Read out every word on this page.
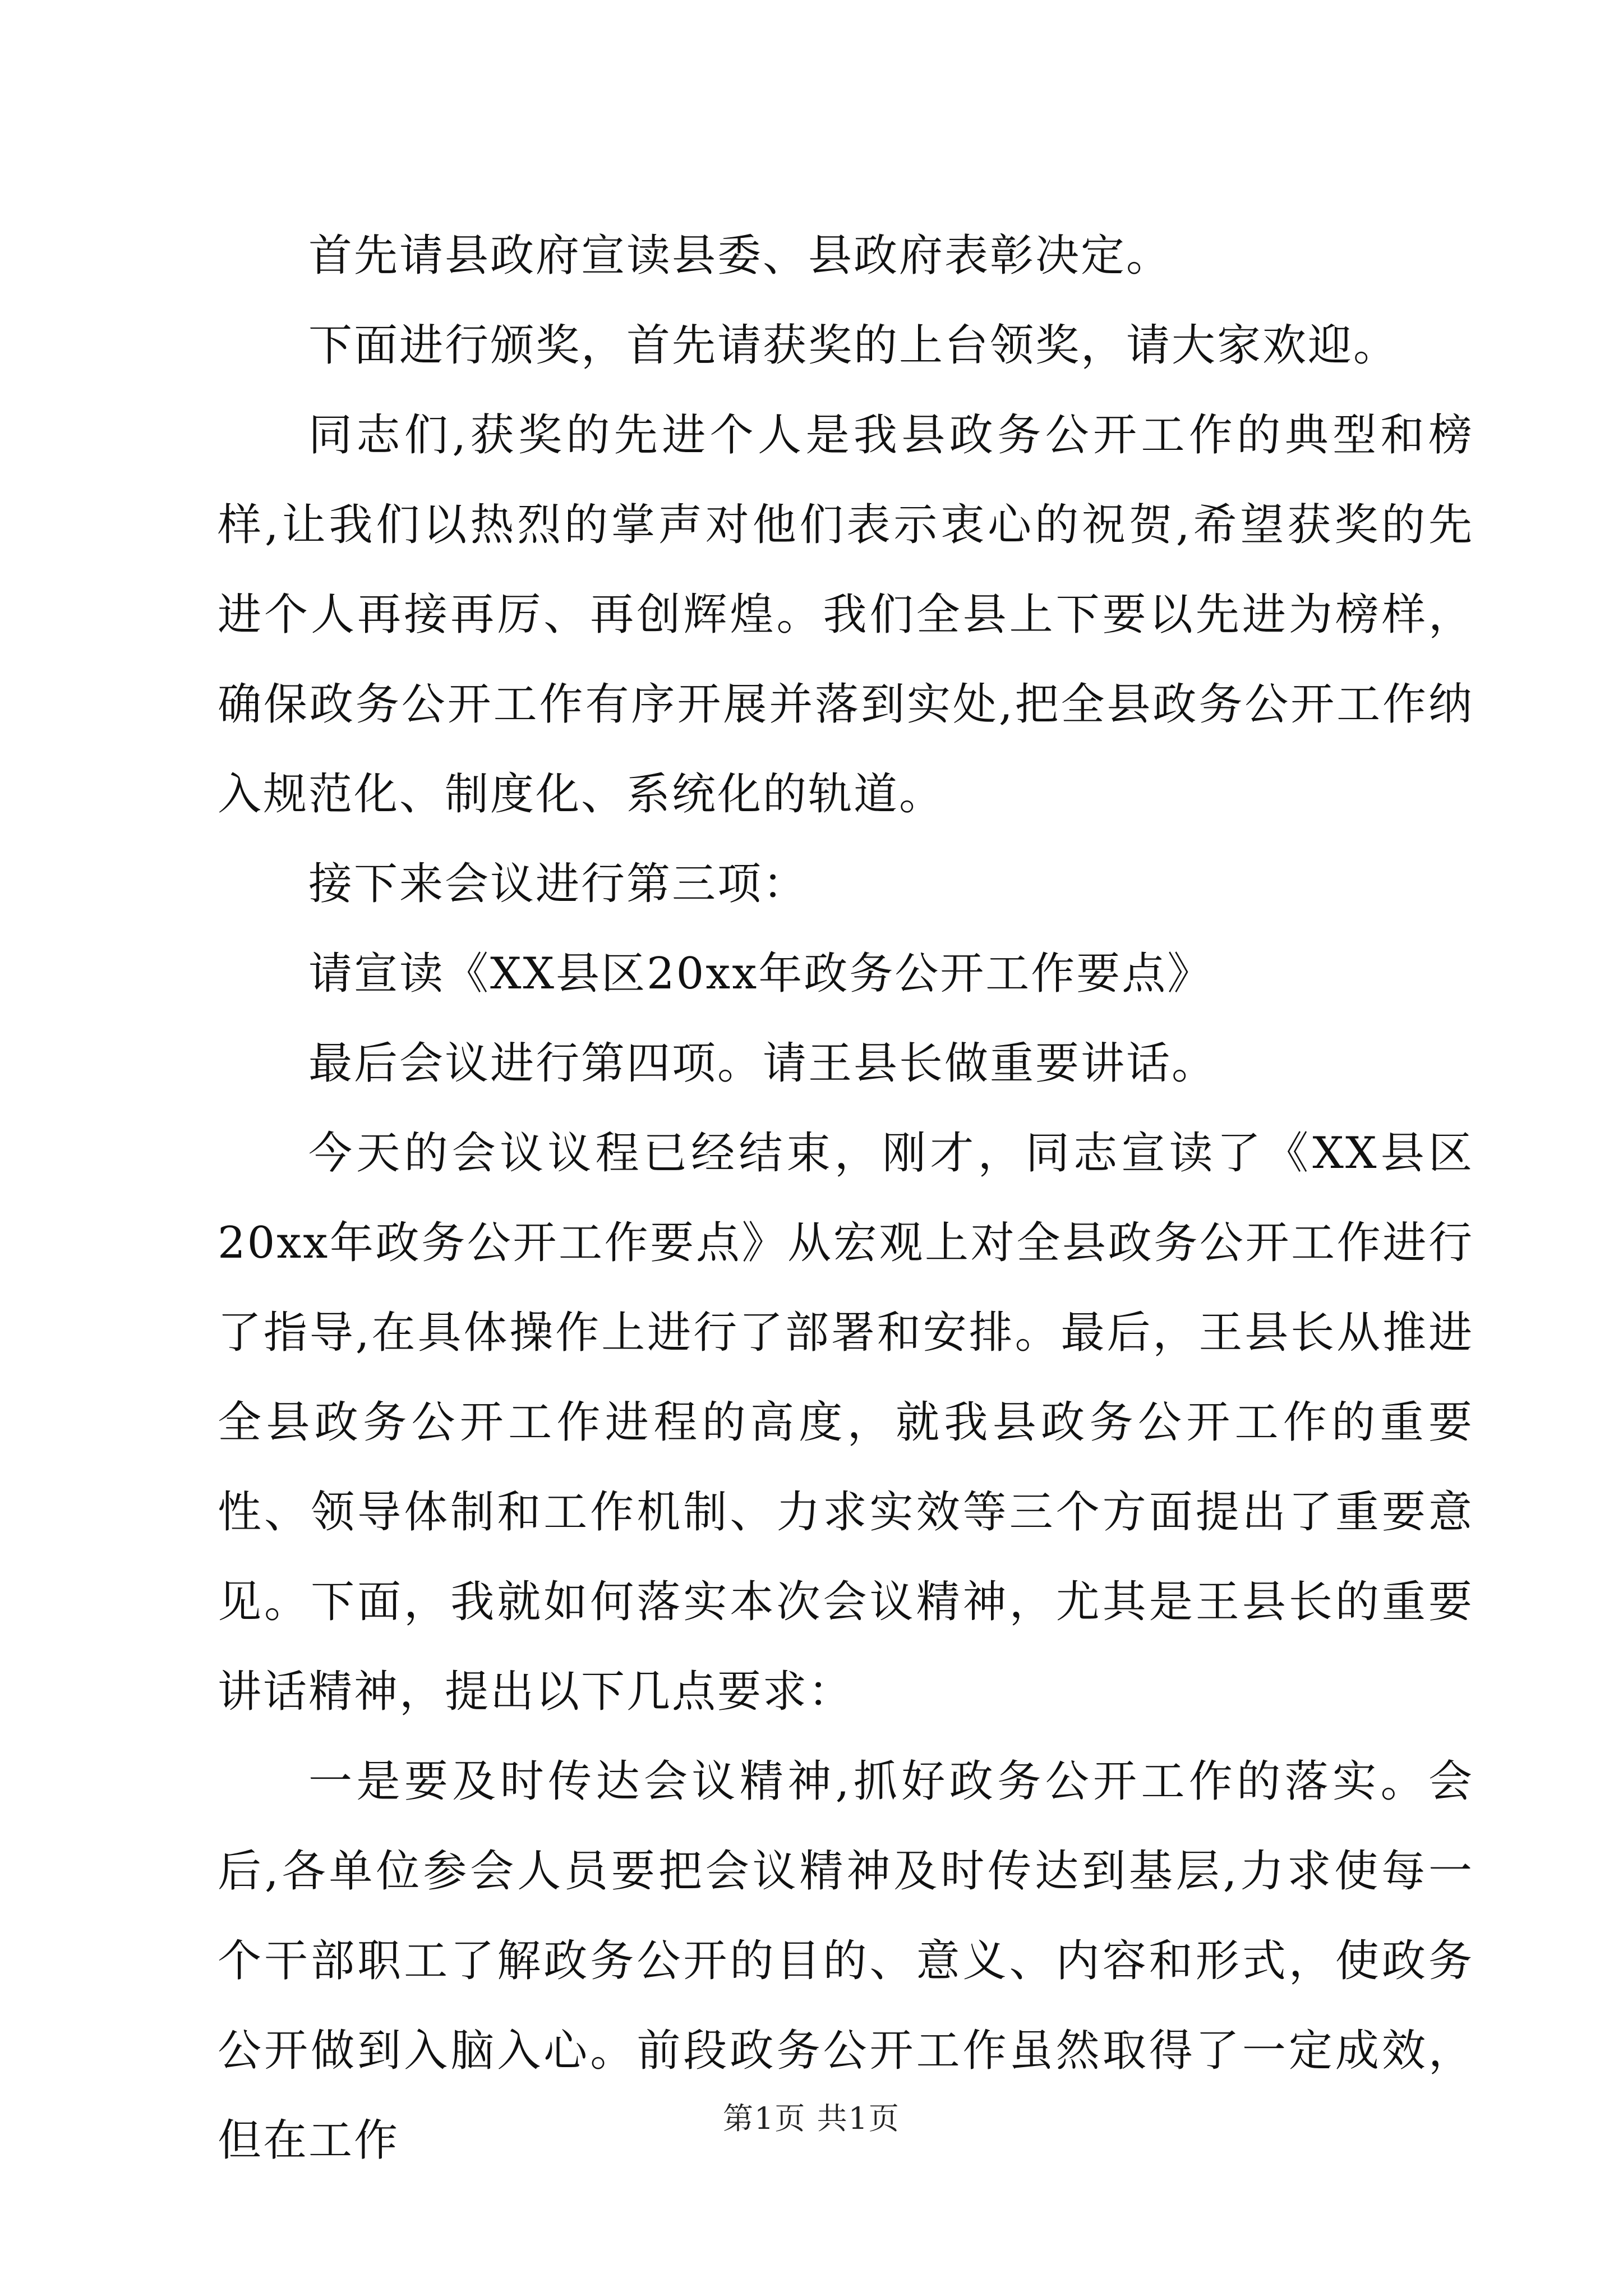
首先请县政府宣读县委、县政府表彰决定。

下面进行颁奖，首先请获奖的上台领奖，请大家欢迎。

同志们,获奖的先进个人是我县政务公开工作的典型和榜样,让我们以热烈的掌声对他们表示衷心的祝贺,希望获奖的先进个人再接再厉、再创辉煌。我们全县上下要以先进为榜样，确保政务公开工作有序开展并落到实处,把全县政务公开工作纳入规范化、制度化、系统化的轨道。

接下来会议进行第三项：

请宣读《XX县区20xx年政务公开工作要点》

最后会议进行第四项。请王县长做重要讲话。

今天的会议议程已经结束，刚才，同志宣读了《XX县区20xx年政务公开工作要点》从宏观上对全县政务公开工作进行了指导,在具体操作上进行了部署和安排。最后，王县长从推进全县政务公开工作进程的高度，就我县政务公开工作的重要性、领导体制和工作机制、力求实效等三个方面提出了重要意见。下面，我就如何落实本次会议精神，尤其是王县长的重要讲话精神，提出以下几点要求：

一是要及时传达会议精神,抓好政务公开工作的落实。会后,各单位参会人员要把会议精神及时传达到基层,力求使每一个干部职工了解政务公开的目的、意义、内容和形式，使政务公开做到入脑入心。前段政务公开工作虽然取得了一定成效，但在工作	第1页 共1页
